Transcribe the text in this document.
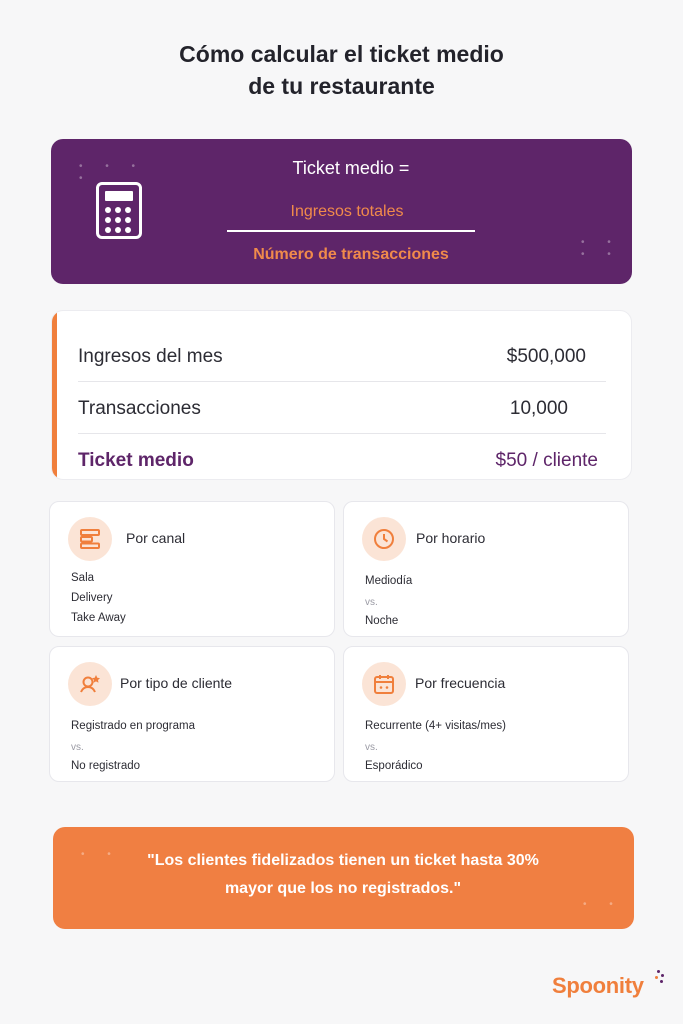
Cómo calcular el ticket medio
de tu restaurante
• • •
•
• •
• •
Ticket medio =
Ingresos totales
Número de transacciones
Ingresos del mes	$500,000
Transacciones	10,000
Ticket medio	$50 / cliente
Por canal
Sala
Delivery
Take Away
Por horario
Mediodía
vs.
Noche
Por tipo de cliente
Registrado en programa
vs.
No registrado
Por frecuencia
Recurrente (4+ visitas/mes)
vs.
Esporádico
• •
• •
"Los clientes fidelizados tienen un ticket hasta 30%
mayor que los no registrados."
Spoonity
